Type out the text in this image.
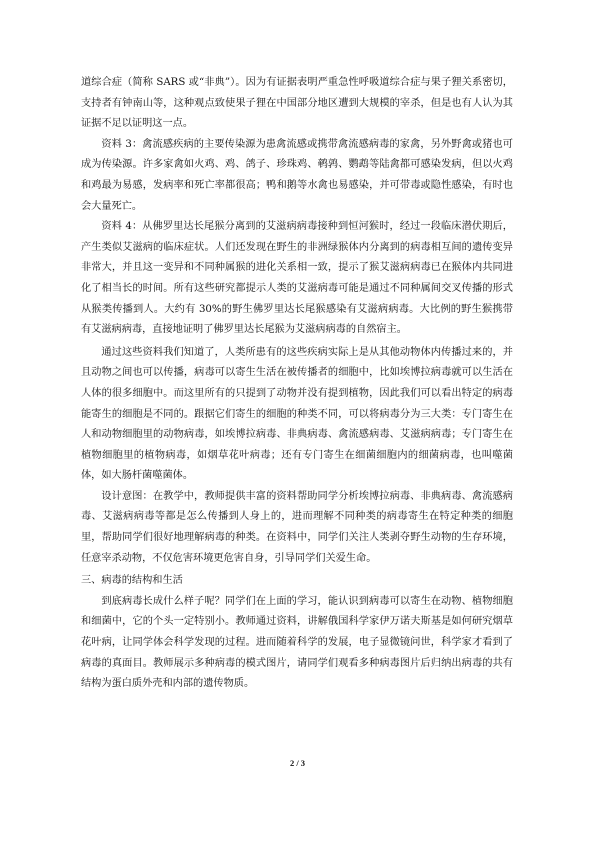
道综合症（简称 SARS 或“非典”）。因为有证据表明严重急性呼吸道综合症与果子狸关系密切，支持者有钟南山等，这种观点致使果子狸在中国部分地区遭到大规模的宰杀，但是也有人认为其证据不足以证明这一点。

资料 3：禽流感疾病的主要传染源为患禽流感或携带禽流感病毒的家禽，另外野禽或猪也可成为传染源。许多家禽如火鸡、鸡、鸽子、珍珠鸡、鹌鹑、鹦鹉等陆禽都可感染发病，但以火鸡和鸡最为易感，发病率和死亡率都很高；鸭和鹅等水禽也易感染，并可带毒或隐性感染，有时也会大量死亡。

资料 4：从佛罗里达长尾猴分离到的艾滋病病毒接种到恒河猴时，经过一段临床潜伏期后，产生类似艾滋病的临床症状。人们还发现在野生的非洲绿猴体内分离到的病毒相互间的遗传变异非常大，并且这一变异和不同种属猴的进化关系相一致，提示了猴艾滋病病毒已在猴体内共同进化了相当长的时间。所有这些研究都提示人类的艾滋病毒可能是通过不同种属间交叉传播的形式从猴类传播到人。大约有 30%的野生佛罗里达长尾猴感染有艾滋病病毒。大比例的野生猴携带有艾滋病病毒，直接地证明了佛罗里达长尾猴为艾滋病病毒的自然宿主。

通过这些资料我们知道了，人类所患有的这些疾病实际上是从其他动物体内传播过来的，并且动物之间也可以传播，病毒可以寄生生活在被传播者的细胞中，比如埃博拉病毒就可以生活在人体的很多细胞中。而这里所有的只提到了动物并没有提到植物，因此我们可以看出特定的病毒能寄生的细胞是不同的。跟据它们寄生的细胞的种类不同，可以将病毒分为三大类：专门寄生在人和动物细胞里的动物病毒，如埃博拉病毒、非典病毒、禽流感病毒、艾滋病病毒；专门寄生在植物细胞里的植物病毒，如烟草花叶病毒；还有专门寄生在细菌细胞内的细菌病毒，也叫噬菌体，如大肠杆菌噬菌体。

设计意图：在教学中，教师提供丰富的资料帮助同学分析埃博拉病毒、非典病毒、禽流感病毒、艾滋病病毒等都是怎么传播到人身上的，进而理解不同种类的病毒寄生在特定种类的细胞里，帮助同学们很好地理解病毒的种类。在资料中，同学们关注人类剥夺野生动物的生存环境，任意宰杀动物，不仅危害环境更危害自身，引导同学们关爱生命。

三、病毒的结构和生活

到底病毒长成什么样子呢？同学们在上面的学习，能认识到病毒可以寄生在动物、植物细胞和细菌中，它的个头一定特别小。教师通过资料，讲解俄国科学家伊万诺夫斯基是如何研究烟草花叶病，让同学体会科学发现的过程。进而随着科学的发展，电子显微镜问世，科学家才看到了病毒的真面目。教师展示多种病毒的模式图片，请同学们观看多种病毒图片后归纳出病毒的共有结构为蛋白质外壳和内部的遗传物质。

2 / 3
